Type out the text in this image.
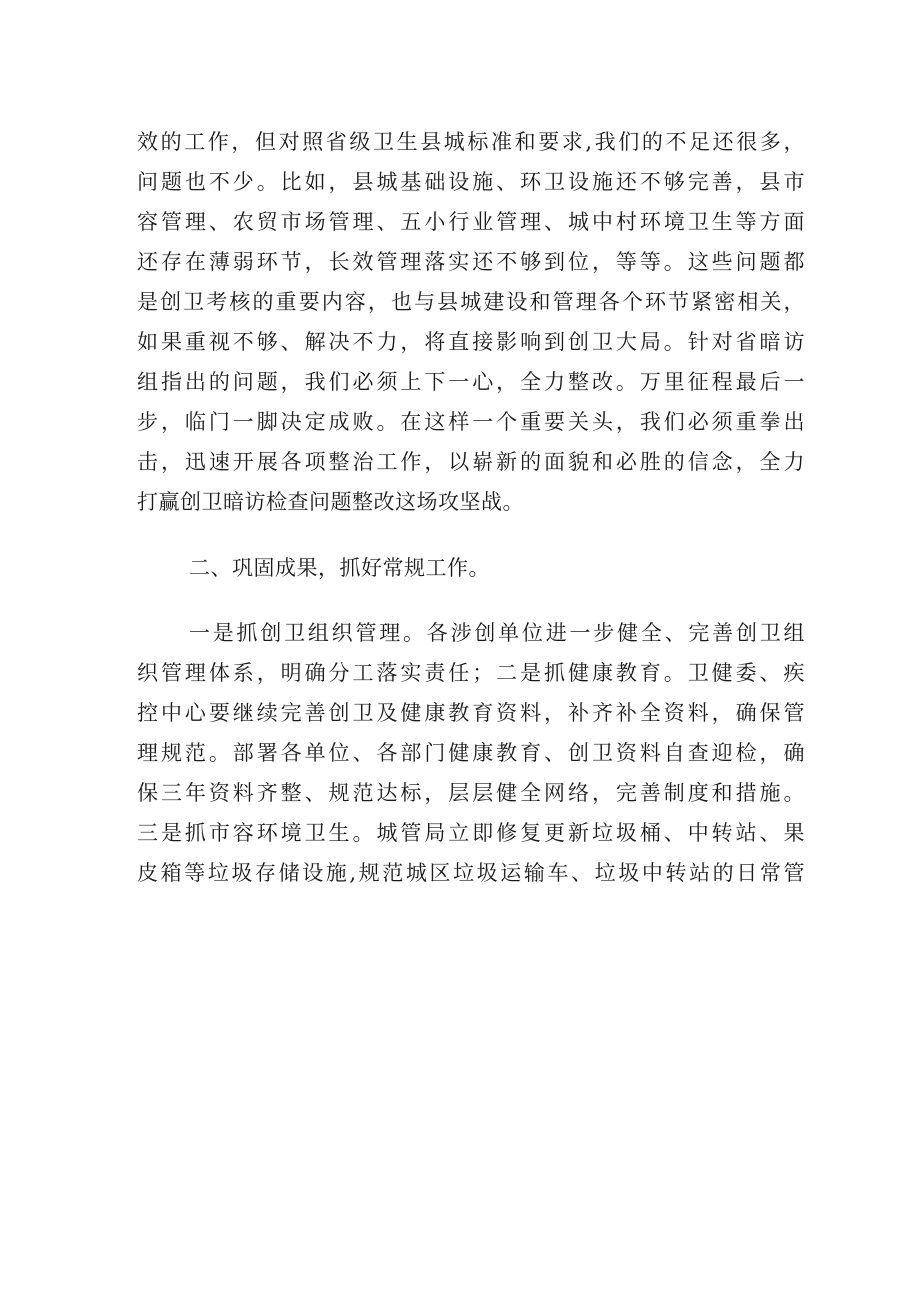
效的工作，但对照省级卫生县城标准和要求,我们的不足还很多，
问题也不少。比如，县城基础设施、环卫设施还不够完善，县市
容管理、农贸市场管理、五小行业管理、城中村环境卫生等方面
还存在薄弱环节，长效管理落实还不够到位，等等。这些问题都
是创卫考核的重要内容，也与县城建设和管理各个环节紧密相关，
如果重视不够、解决不力，将直接影响到创卫大局。针对省暗访
组指出的问题，我们必须上下一心，全力整改。万里征程最后一
步，临门一脚决定成败。在这样一个重要关头，我们必须重拳出
击，迅速开展各项整治工作，以崭新的面貌和必胜的信念，全力
打赢创卫暗访检查问题整改这场攻坚战。
二、巩固成果，抓好常规工作。
一是抓创卫组织管理。各涉创单位进一步健全、完善创卫组
织管理体系，明确分工落实责任；二是抓健康教育。卫健委、疾
控中心要继续完善创卫及健康教育资料，补齐补全资料，确保管
理规范。部署各单位、各部门健康教育、创卫资料自查迎检，确
保三年资料齐整、规范达标，层层健全网络，完善制度和措施。
三是抓市容环境卫生。城管局立即修复更新垃圾桶、中转站、果
皮箱等垃圾存储设施,规范城区垃圾运输车、垃圾中转站的日常管
